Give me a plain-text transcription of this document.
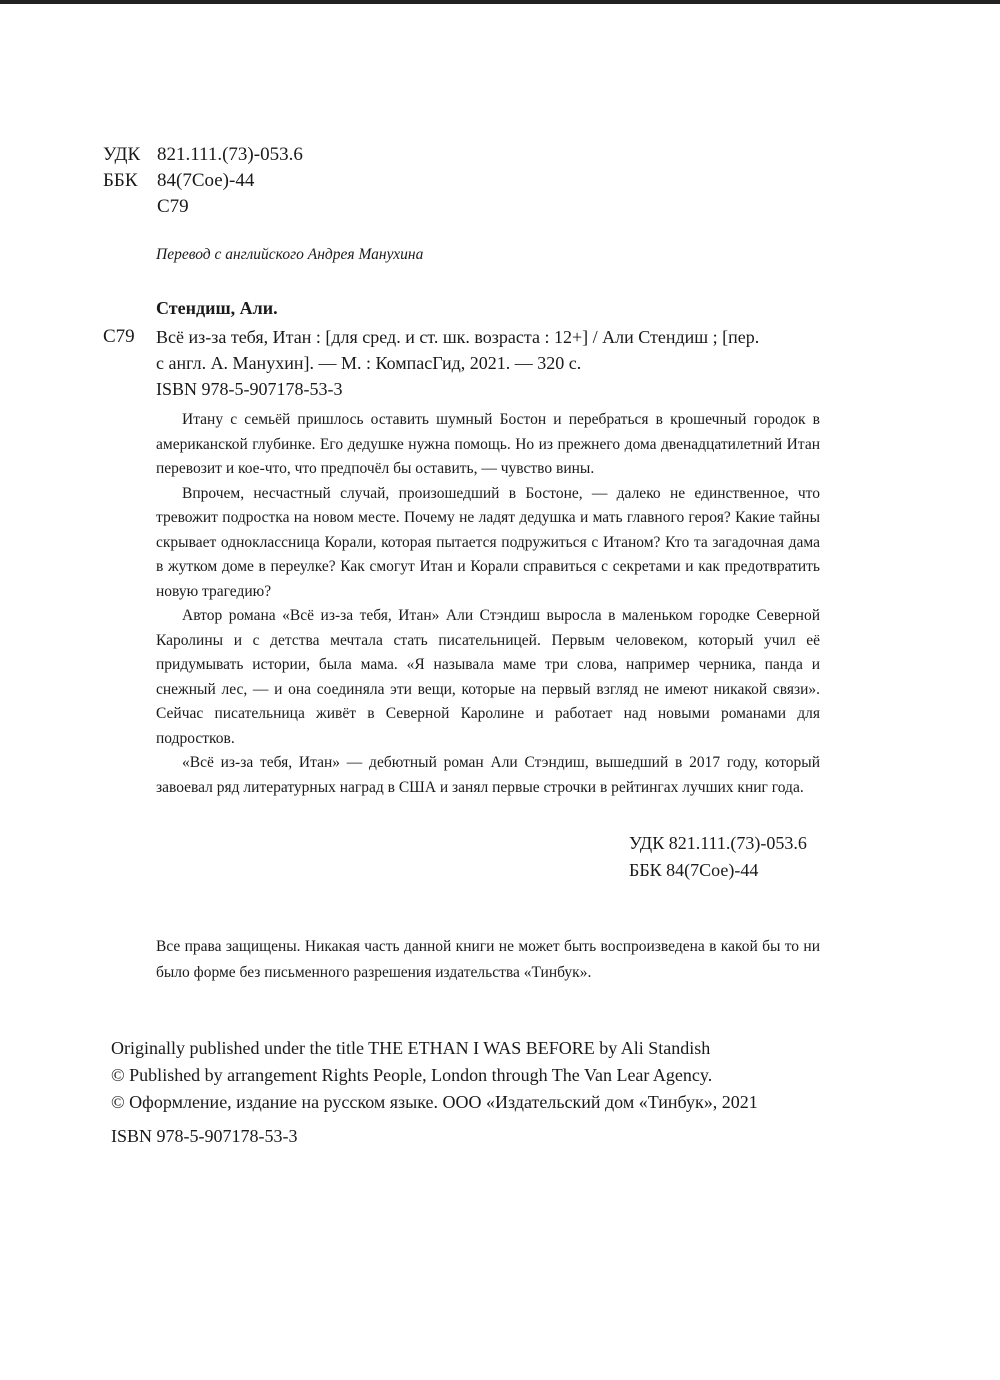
УДК 821.111.(73)-053.6
ББК	84(7Сое)-44
С79
Перевод с английского Андрея Манухина
Стендиш, Али.
С79 Всё из-за тебя, Итан : [для сред. и ст. шк. возраста : 12+] / Али Стендиш ; [пер.
с англ. А. Манухин]. — М. : КомпасГид, 2021. — 320 с.
ISBN 978-5-907178-53-3

Итану с семьёй пришлось оставить шумный Бостон и перебраться в крошечный городок в американской глубинке. Его дедушке нужна помощь. Но из прежнего дома двенадцатилетний Итан перевозит и кое-что, что предпочёл бы оставить, — чувство вины.

Впрочем, несчастный случай, произошедший в Бостоне, — далеко не единственное, что тревожит подростка на новом месте. Почему не ладят дедушка и мать главного героя? Какие тайны скрывает одноклассница Корали, которая пытается подружиться с Итаном? Кто та загадочная дама в жутком доме в переулке? Как смогут Итан и Корали справиться с секретами и как предотвратить новую трагедию?

Автор романа «Всё из-за тебя, Итан» Али Стэндиш выросла в маленьком городке Северной Каролины и с детства мечтала стать писательницей. Первым человеком, который учил её придумывать истории, была мама. «Я называла маме три слова, например черника, панда и снежный лес, — и она соединяла эти вещи, которые на первый взгляд не имеют никакой связи». Сейчас писательница живёт в Северной Каролине и работает над новыми романами для подростков.

«Всё из-за тебя, Итан» — дебютный роман Али Стэндиш, вышедший в 2017 году, который завоевал ряд литературных наград в США и занял первые строчки в рейтингах лучших книг года.

УДК 821.111.(73)-053.6
ББК 84(7Сое)-44
Все права защищены. Никакая часть данной книги не может быть воспроизведена в какой бы то ни было форме без письменного разрешения издательства «Тинбук».
Originally published under the title THE ETHAN I WAS BEFORE by Ali Standish
© Published by arrangement Rights People, London through The Van Lear Agency.
© Оформление, издание на русском языке. ООО «Издательский дом «Тинбук», 2021
ISBN 978-5-907178-53-3
